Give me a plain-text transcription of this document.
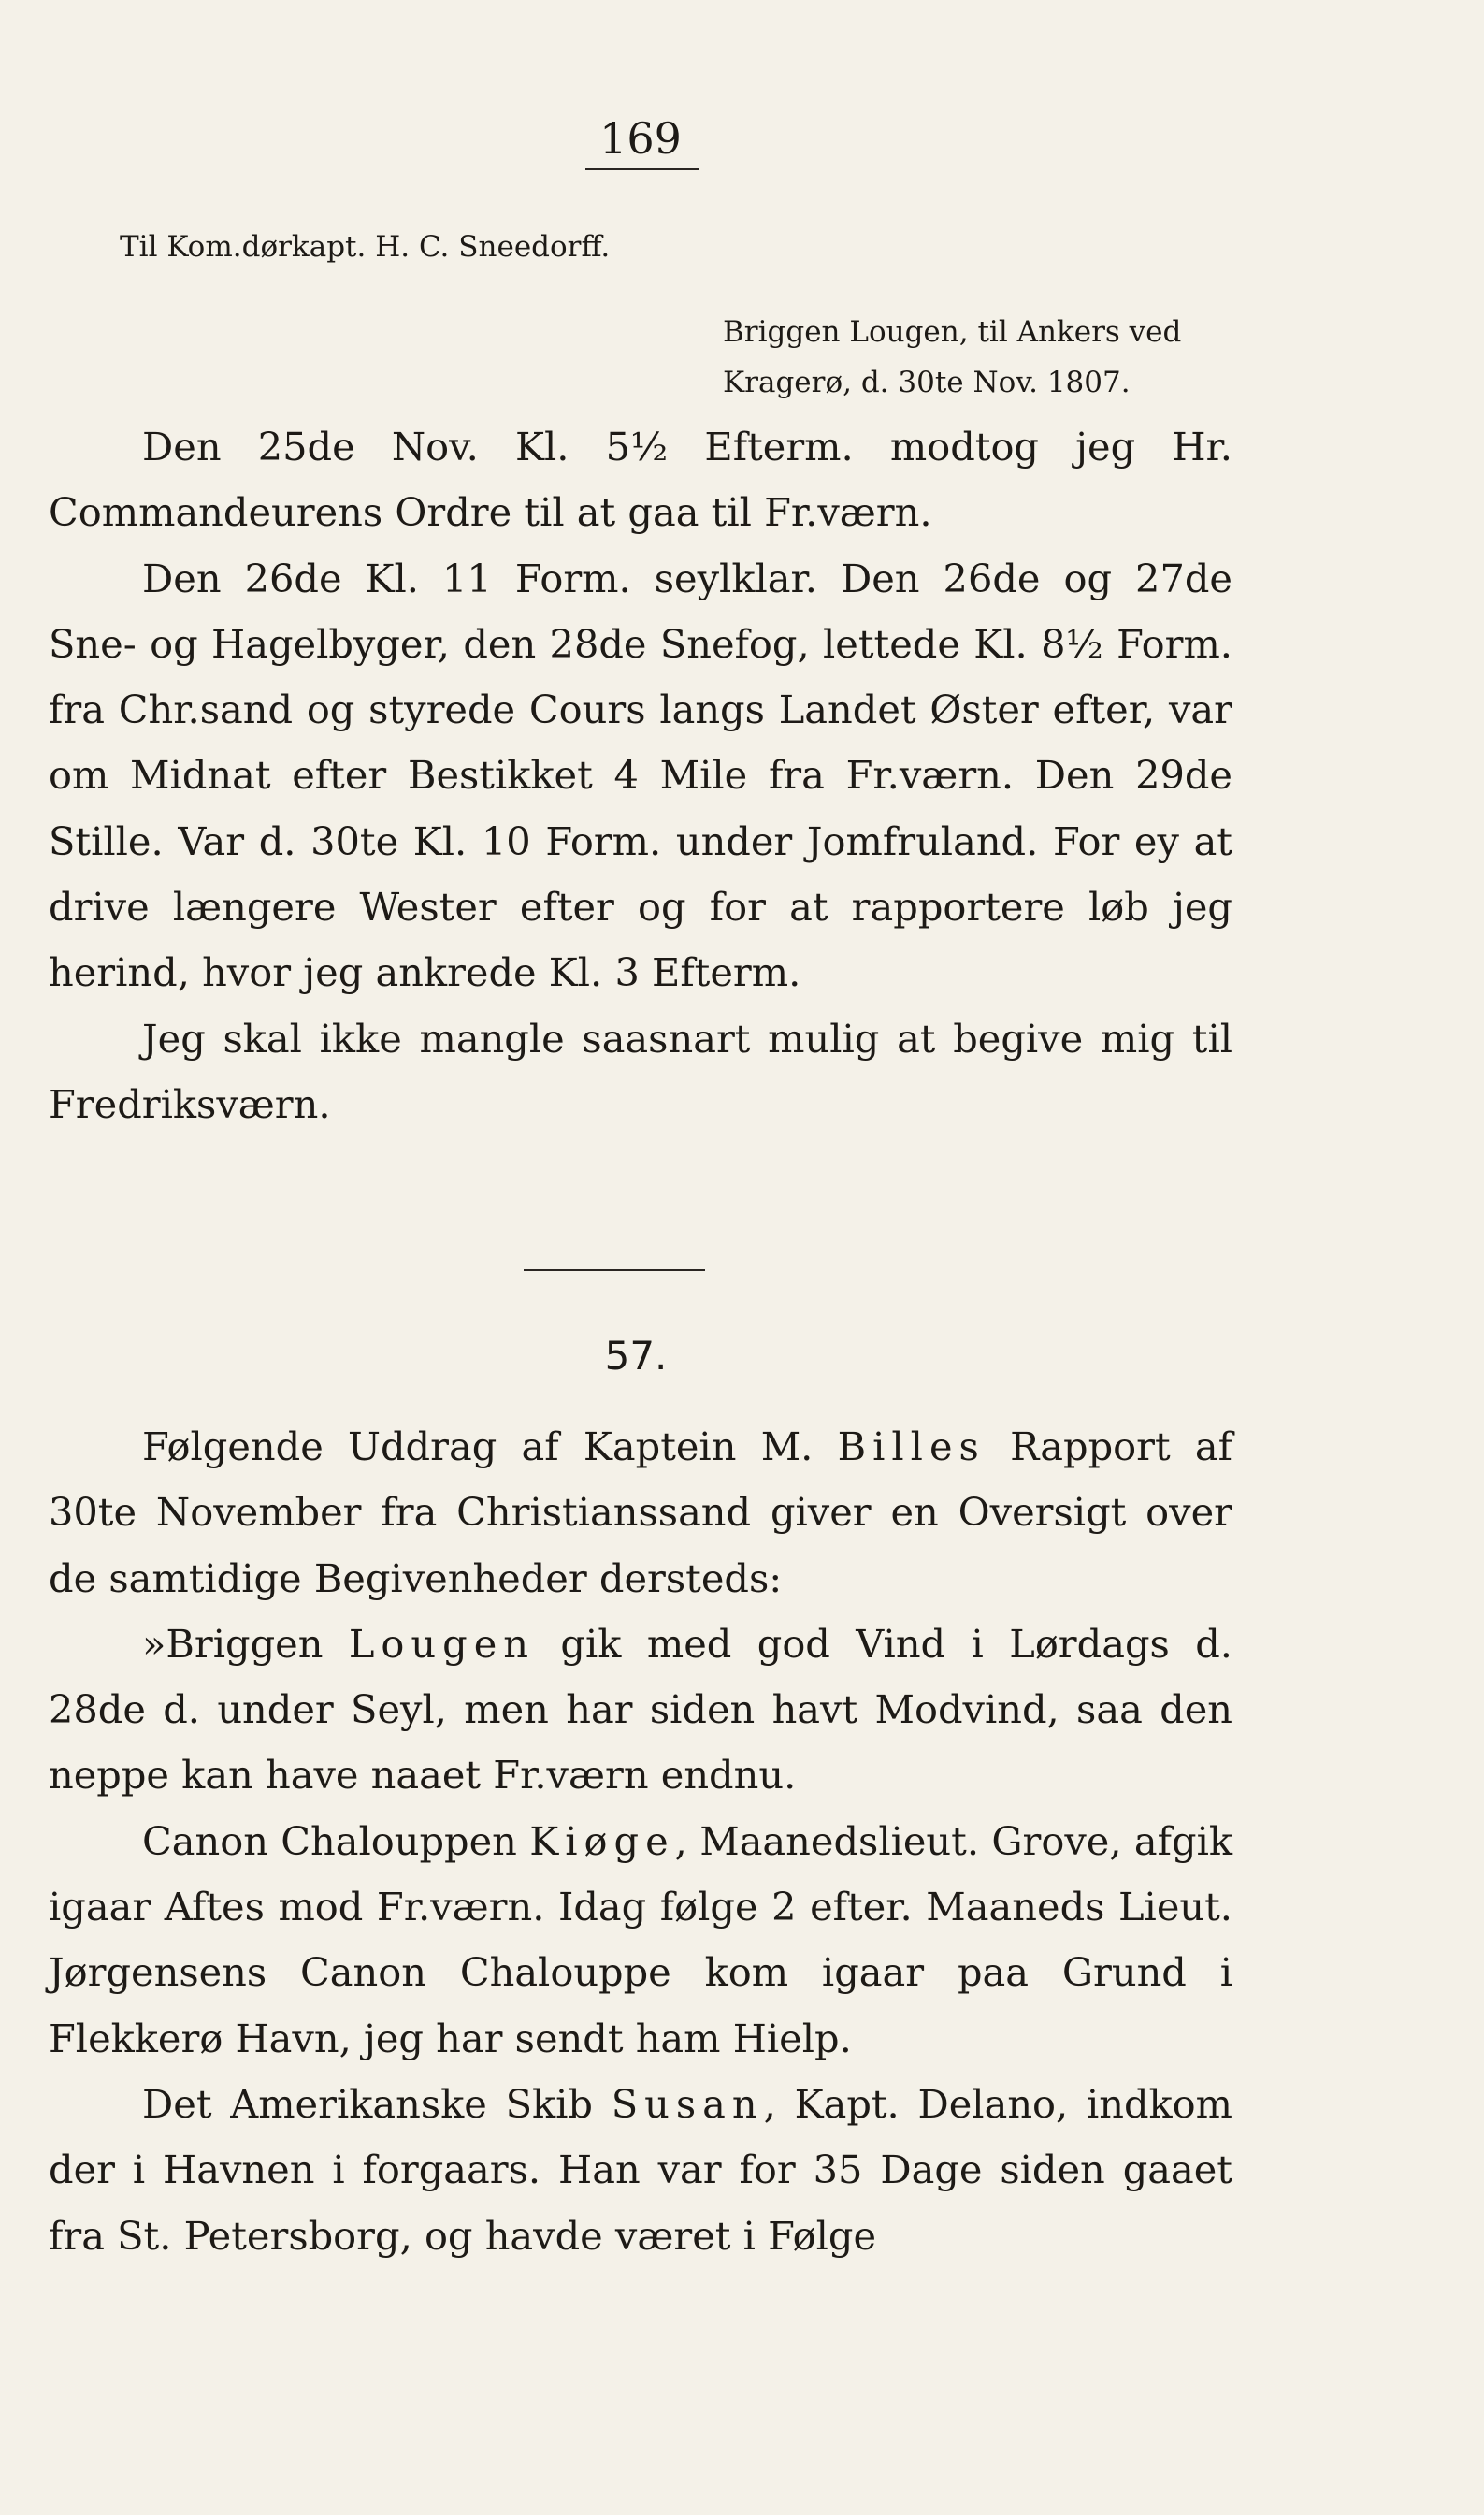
169
Til Kom.dørkapt. H. C. Sneedorff.
Briggen Lougen, til Ankers ved
Kragerø, d. 30te Nov. 1807.

Den 25de Nov. Kl. 5½ Efterm. modtog jeg Hr. Commandeurens Ordre til at gaa til Fr.værn.

Den 26de Kl. 11 Form. seylklar. Den 26de og 27de Sne- og Hagelbyger, den 28de Snefog, lettede Kl. 8½ Form. fra Chr.sand og styrede Cours langs Landet Øster efter, var om Midnat efter Bestikket 4 Mile fra Fr.værn. Den 29de Stille. Var d. 30te Kl. 10 Form. under Jomfruland. For ey at drive længere Wester efter og for at rapportere løb jeg herind, hvor jeg ankrede Kl. 3 Efterm.

Jeg skal ikke mangle saasnart mulig at begive mig til Fredriksværn.

57.

Følgende Uddrag af Kaptein M. Billes Rapport af 30te November fra Christianssand giver en Oversigt over de samtidige Begivenheder dersteds:

»Briggen Lougen gik med god Vind i Lørdags d. 28de d. under Seyl, men har siden havt Modvind, saa den neppe kan have naaet Fr.værn endnu.

Canon Chalouppen Kiøge, Maanedslieut. Grove, afgik igaar Aftes mod Fr.værn. Idag følge 2 efter. Maaneds Lieut. Jørgensens Canon Chalouppe kom igaar paa Grund i Flekkerø Havn, jeg har sendt ham Hielp.

Det Amerikanske Skib Susan, Kapt. Delano, indkom der i Havnen i forgaars. Han var for 35 Dage siden gaaet fra St. Petersborg, og havde været i Følge
